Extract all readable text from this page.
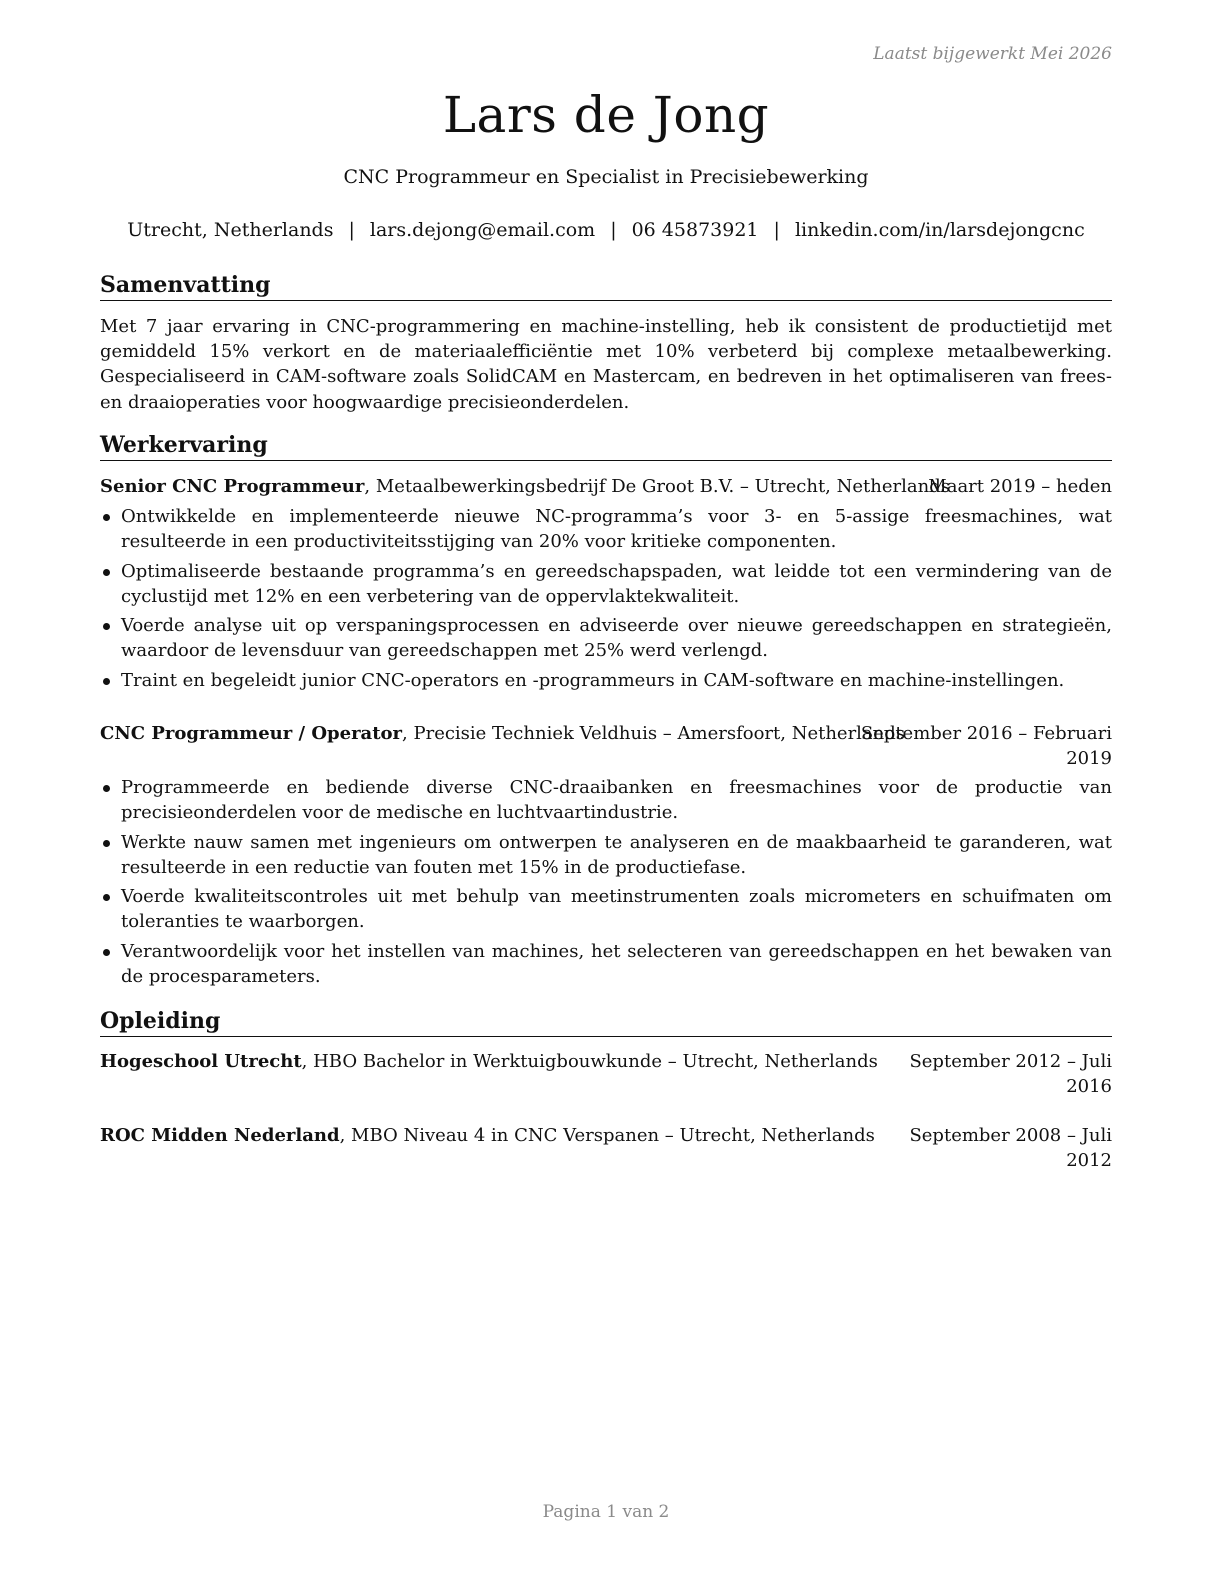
Laatst bijgewerkt Mei 2026
Lars de Jong
CNC Programmeur en Specialist in Precisiebewerking
Utrecht, Netherlands | lars.dejong@email.com | 06 45873921 | linkedin.com/in/larsdejongcnc
Samenvatting
Met 7 jaar ervaring in CNC-programmering en machine-instelling, heb ik consistent de productietijd met gemiddeld 15% verkort en de materiaalefficiëntie met 10% verbeterd bij complexe metaalbewerking. Gespecialiseerd in CAM-software zoals SolidCAM en Mastercam, en bedreven in het optimaliseren van frees- en draaioperaties voor hoogwaardige precisieonderdelen.
Werkervaring
Senior CNC Programmeur, Metaalbewerkingsbedrijf De Groot B.V. – Utrecht, Netherlands
Maart 2019 – heden
Ontwikkelde en implementeerde nieuwe NC-programma’s voor 3- en 5-assige freesmachines, wat resulteerde in een productiviteitsstijging van 20% voor kritieke componenten.
Optimaliseerde bestaande programma’s en gereedschapspaden, wat leidde tot een vermindering van de cyclustijd met 12% en een verbetering van de oppervlaktekwaliteit.
Voerde analyse uit op verspaningsprocessen en adviseerde over nieuwe gereedschappen en strategieën, waardoor de levensduur van gereedschappen met 25% werd verlengd.
Traint en begeleidt junior CNC-operators en -programmeurs in CAM-software en machine-instellingen.
CNC Programmeur / Operator, Precisie Techniek Veldhuis – Amersfoort, Netherlands
September 2016 – Februari
2019
Programmeerde en bediende diverse CNC-draaibanken en freesmachines voor de productie van precisieonderdelen voor de medische en luchtvaartindustrie.
Werkte nauw samen met ingenieurs om ontwerpen te analyseren en de maakbaarheid te garanderen, wat resulteerde in een reductie van fouten met 15% in de productiefase.
Voerde kwaliteitscontroles uit met behulp van meetinstrumenten zoals micrometers en schuifmaten om toleranties te waarborgen.
Verantwoordelijk voor het instellen van machines, het selecteren van gereedschappen en het bewaken van de procesparameters.
Opleiding
Hogeschool Utrecht, HBO Bachelor in Werktuigbouwkunde – Utrecht, Netherlands	September 2012 – Juli
2016
ROC Midden Nederland, MBO Niveau 4 in CNC Verspanen – Utrecht, Netherlands	September 2008 – Juli
2012
Pagina 1 van 2
